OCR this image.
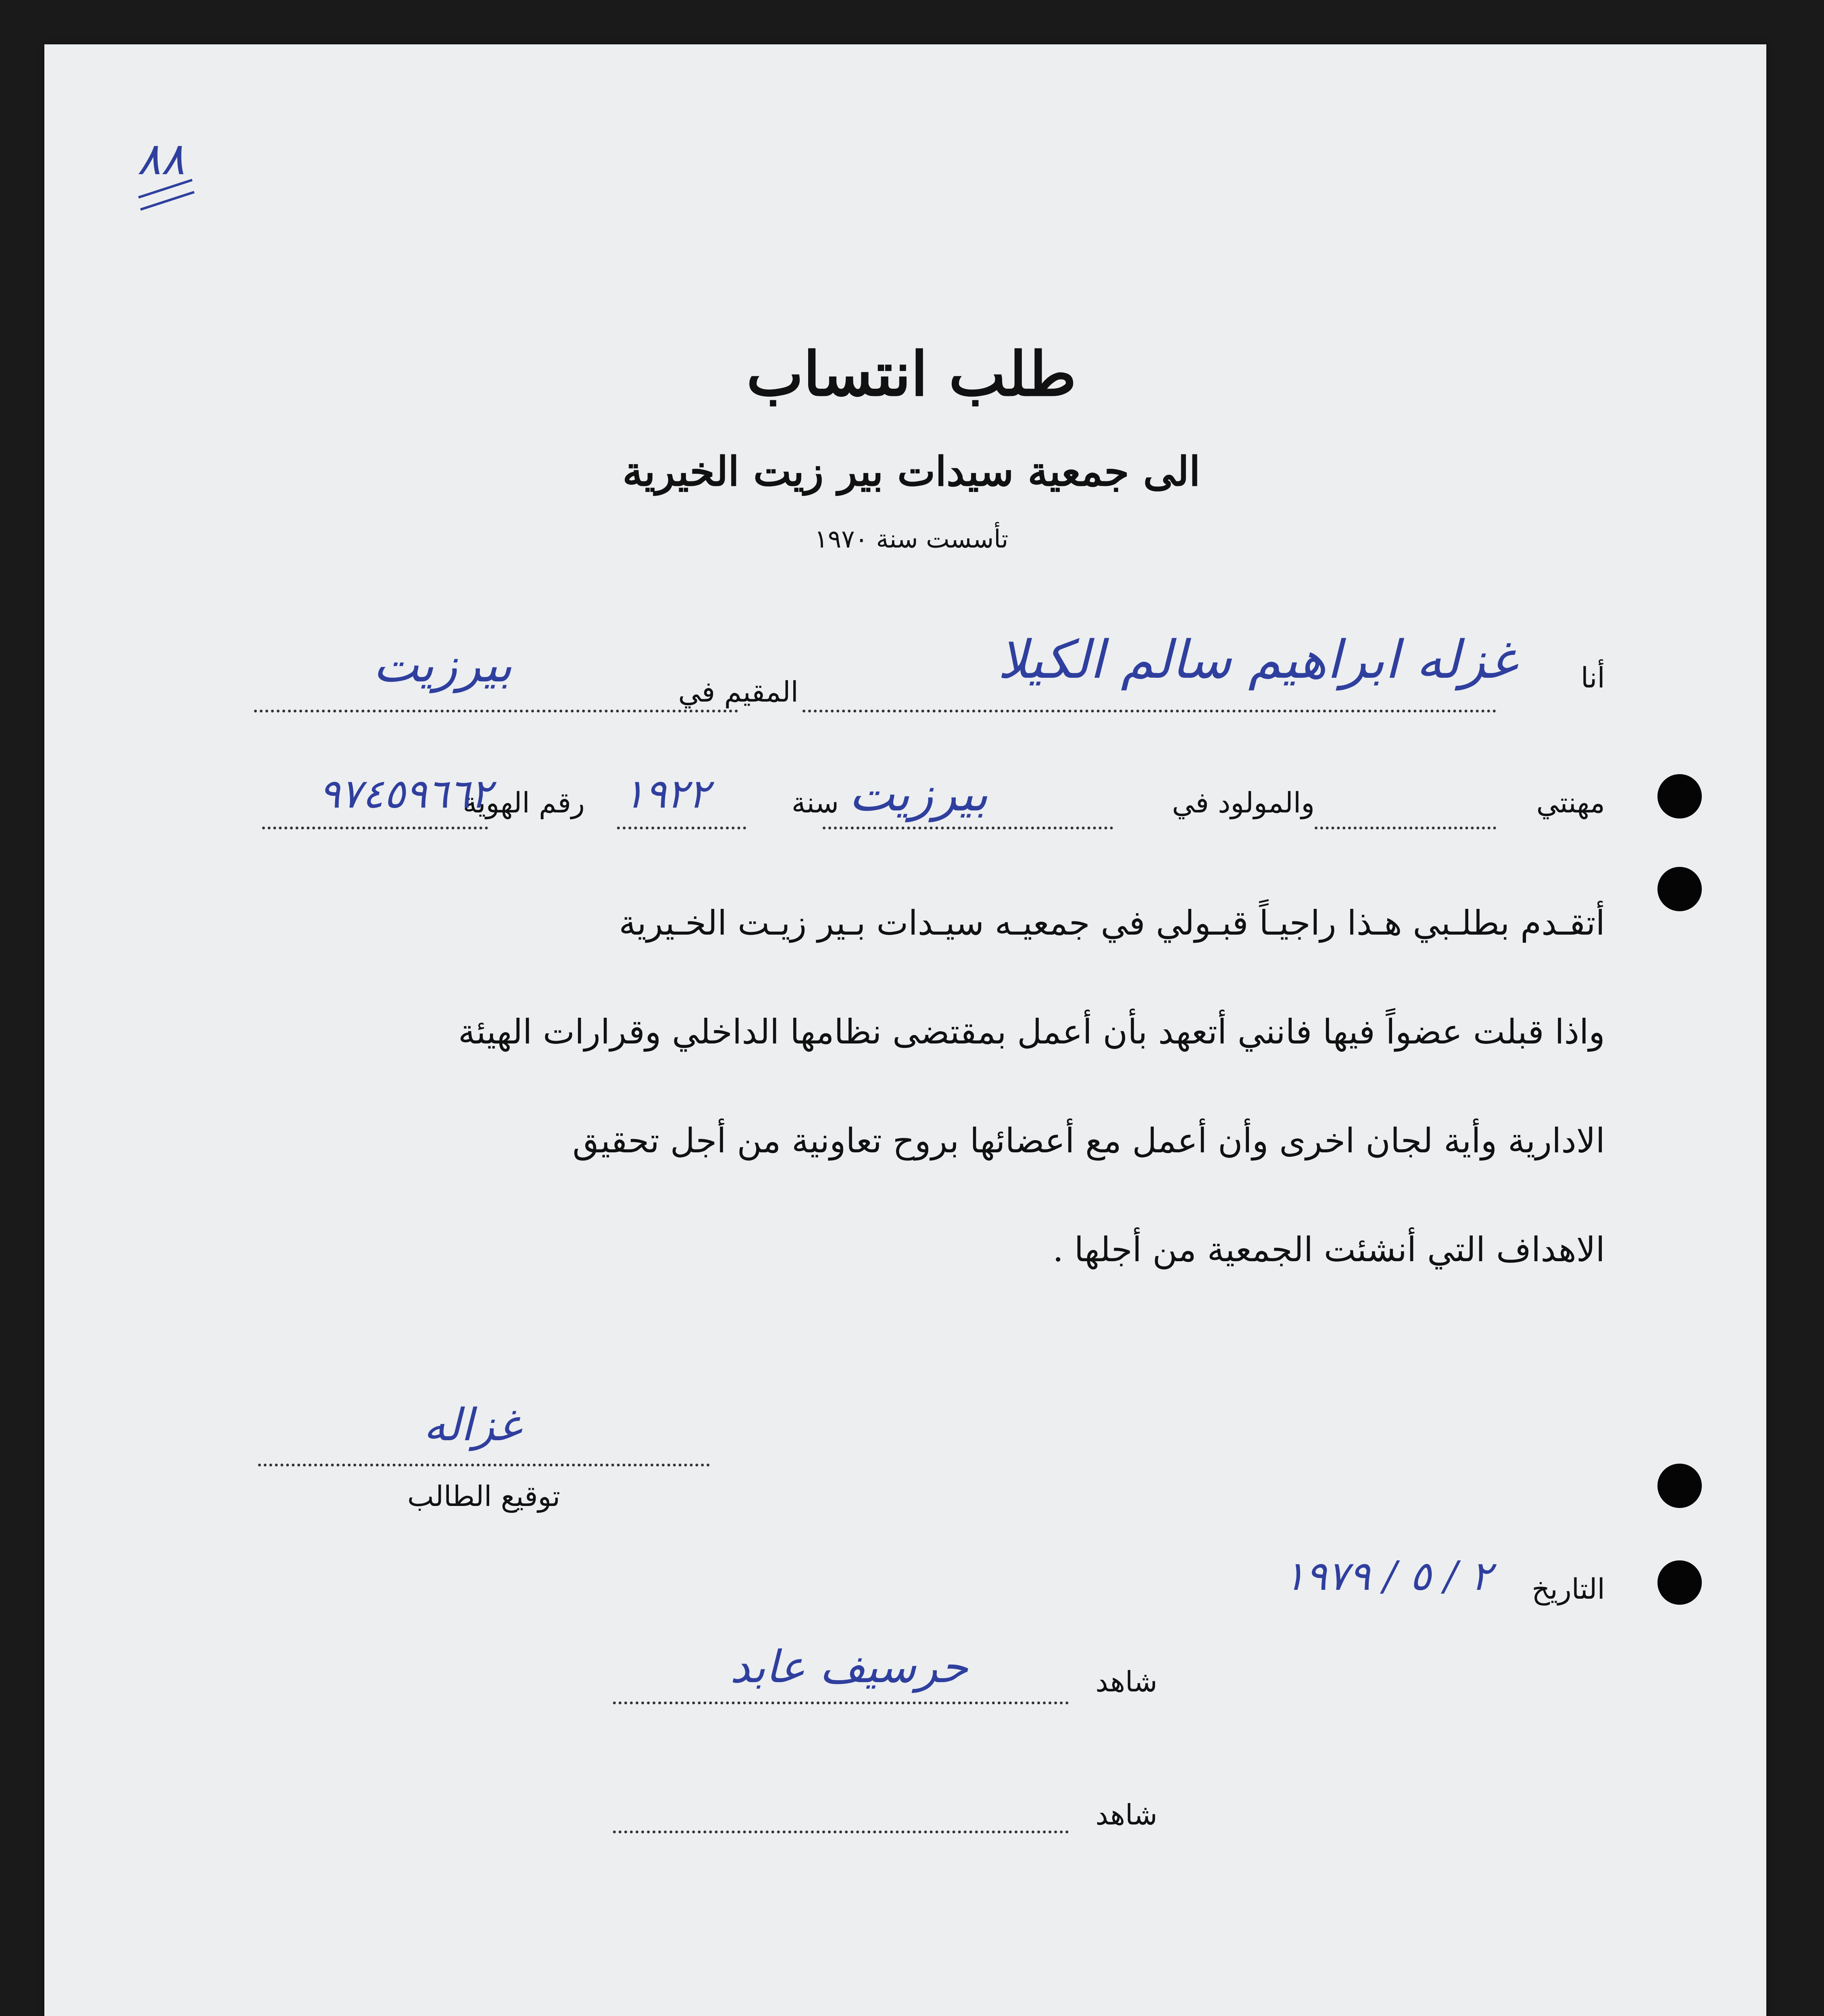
٨٨
طلب انتساب
الى جمعية سيدات بير زيت الخيرية
تأسست سنة ١٩٧٠
أنا
غزله ابراهيم سالم الكيلا
المقيم في
بيرزيت
مهنتي
والمولود في
بيرزيت
سنة
١٩٢٢
رقم الهوية
٩٧٤٥٩٦٦٢
أتقـدم بطلـبي هـذا راجيـاً قبـولي في جمعيـه سيـدات بـير زيـت الخـيرية
واذا قبلت عضواً فيها فانني أتعهد بأن أعمل بمقتضى نظامها الداخلي وقرارات الهيئة
الادارية وأية لجان اخرى وأن أعمل مع أعضائها بروح تعاونية من أجل تحقيق
الاهداف التي أنشئت الجمعية من أجلها .
غزاله
توقيع الطالب
التاريخ
٢ / ٥ / ١٩٧٩
شاهد
حرسيف عابد
شاهد
